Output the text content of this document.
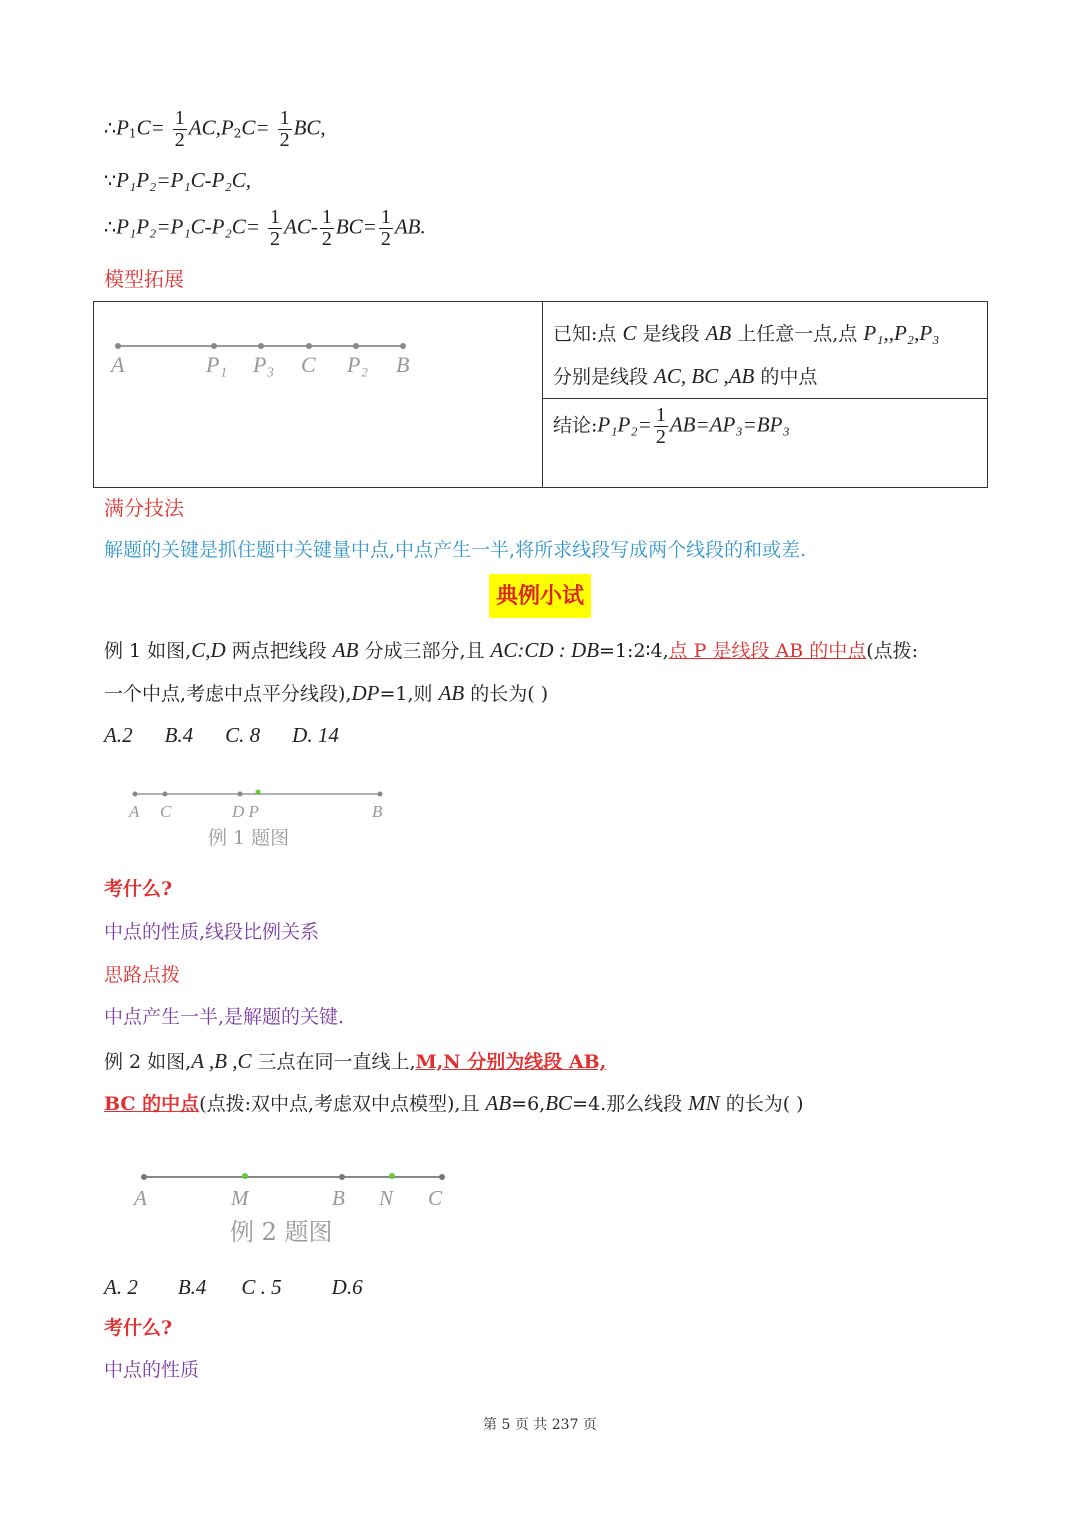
$\therefore P_1C= \frac{1}{2} AC,P_2C= \frac{1}{2}$ BC,
∵P₁P₂=P₁C-P₂C,
∴P₁P₂=P₁C-P₂C= $\frac{1}{2} AC- \frac{1}{2} BC= \frac{1}{2}$ AB.
模型拓展
A	P₁ P₃ C P₂ B

已知:点 C 是线段 AB 上任意一点,点 P₁,,P₂,P₃
分别是线段 AC, BC ,AB 的中点

结论:P₁P₂= $\frac{1}{2} AB=AP_3=BP_3$
满分技法
解题的关键是抓住题中关键量中点,中点产生一半,将所求线段写成两个线段的和或差.
典例小试
例 1 如图,C,D 两点把线段 AB 分成三部分,且 AC:CD : DB=1:2∶4,点 P 是线段 AB 的中点(点拨:
一个中点,考虑中点平分线段),DP=1,则 AB 的长为( )
A.2 B.4 C. 8 D. 14
A C	D P	B
例 1 题图
考什么?
中点的性质,线段比例关系
思路点拨
中点产生一半,是解题的关键.
例 2 如图,A ,B ,C 三点在同一直线上,M,N 分别为线段 AB,
BC 的中点(点拨:双中点,考虑双中点模型),且 AB=6,BC=4.那么线段 MN 的长为( )
A	M	B N C
例 2 题图
A. 2 B.4 C . 5 D.6
考什么?
中点的性质
第 5 页 共 237 页
